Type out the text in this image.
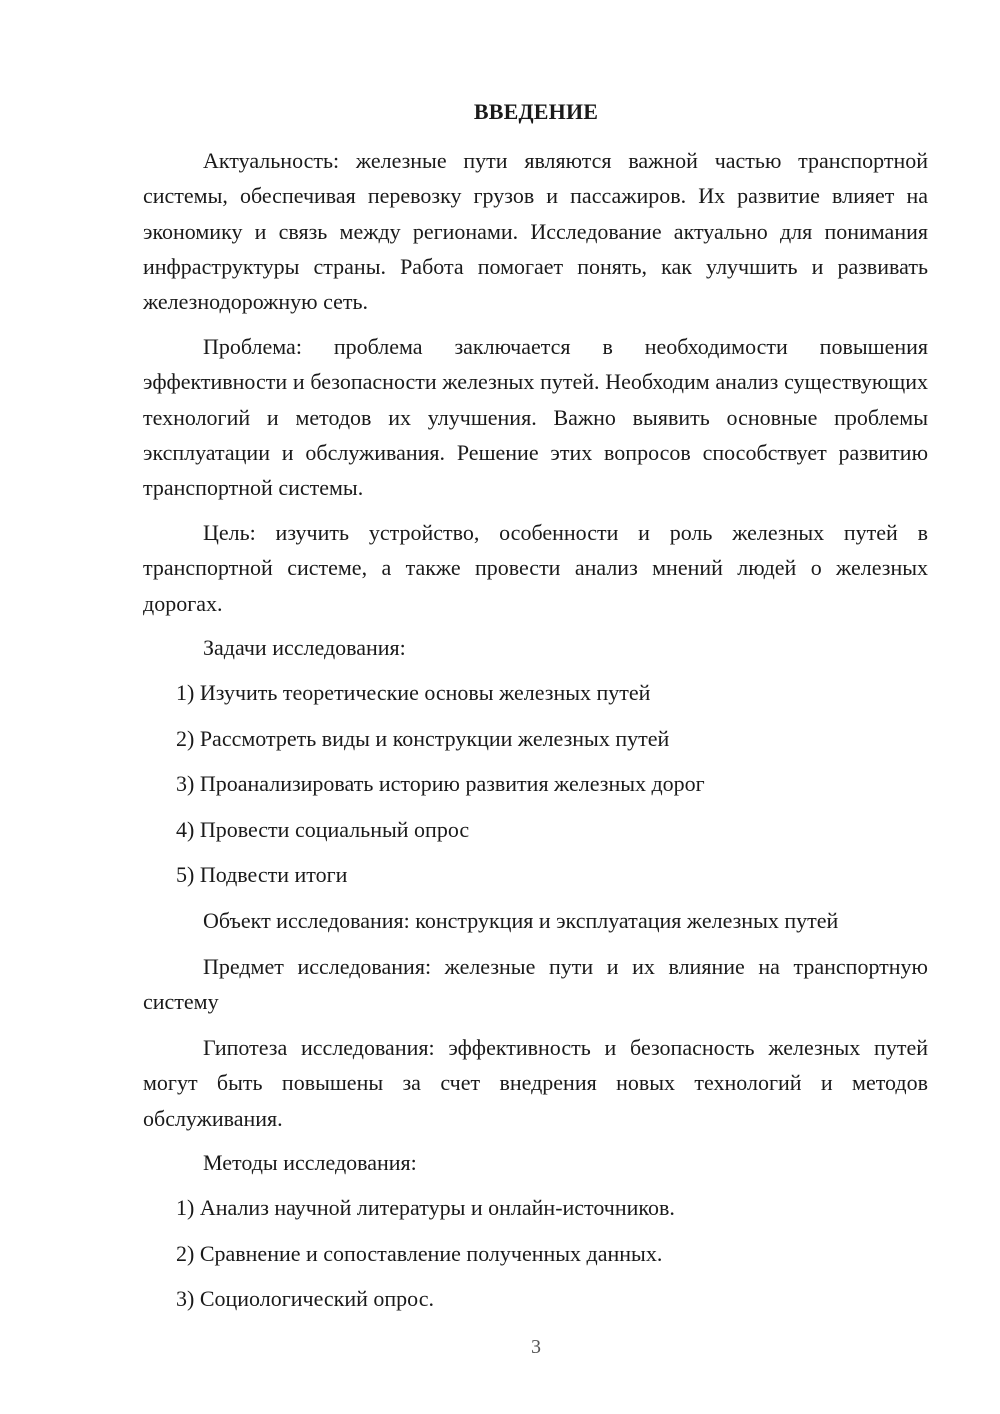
ВВЕДЕНИЕ
Актуальность: железные пути являются важной частью транспортной системы, обеспечивая перевозку грузов и пассажиров. Их развитие влияет на экономику и связь между регионами. Исследование актуально для понимания инфраструктуры страны. Работа помогает понять, как улучшить и развивать железнодорожную сеть.
Проблема: проблема заключается в необходимости повышения эффективности и безопасности железных путей. Необходим анализ существующих технологий и методов их улучшения. Важно выявить основные проблемы эксплуатации и обслуживания. Решение этих вопросов способствует развитию транспортной системы.
Цель: изучить устройство, особенности и роль железных путей в транспортной системе, а также провести анализ мнений людей о железных дорогах.
Задачи исследования:
1) Изучить теоретические основы железных путей
2) Рассмотреть виды и конструкции железных путей
3) Проанализировать историю развития железных дорог
4) Провести социальный опрос
5) Подвести итоги
Объект исследования: конструкция и эксплуатация железных путей
Предмет исследования: железные пути и их влияние на транспортную систему
Гипотеза исследования: эффективность и безопасность железных путей могут быть повышены за счет внедрения новых технологий и методов обслуживания.
Методы исследования:
1) Анализ научной литературы и онлайн-источников.
2) Сравнение и сопоставление полученных данных.
3) Социологический опрос.
3
